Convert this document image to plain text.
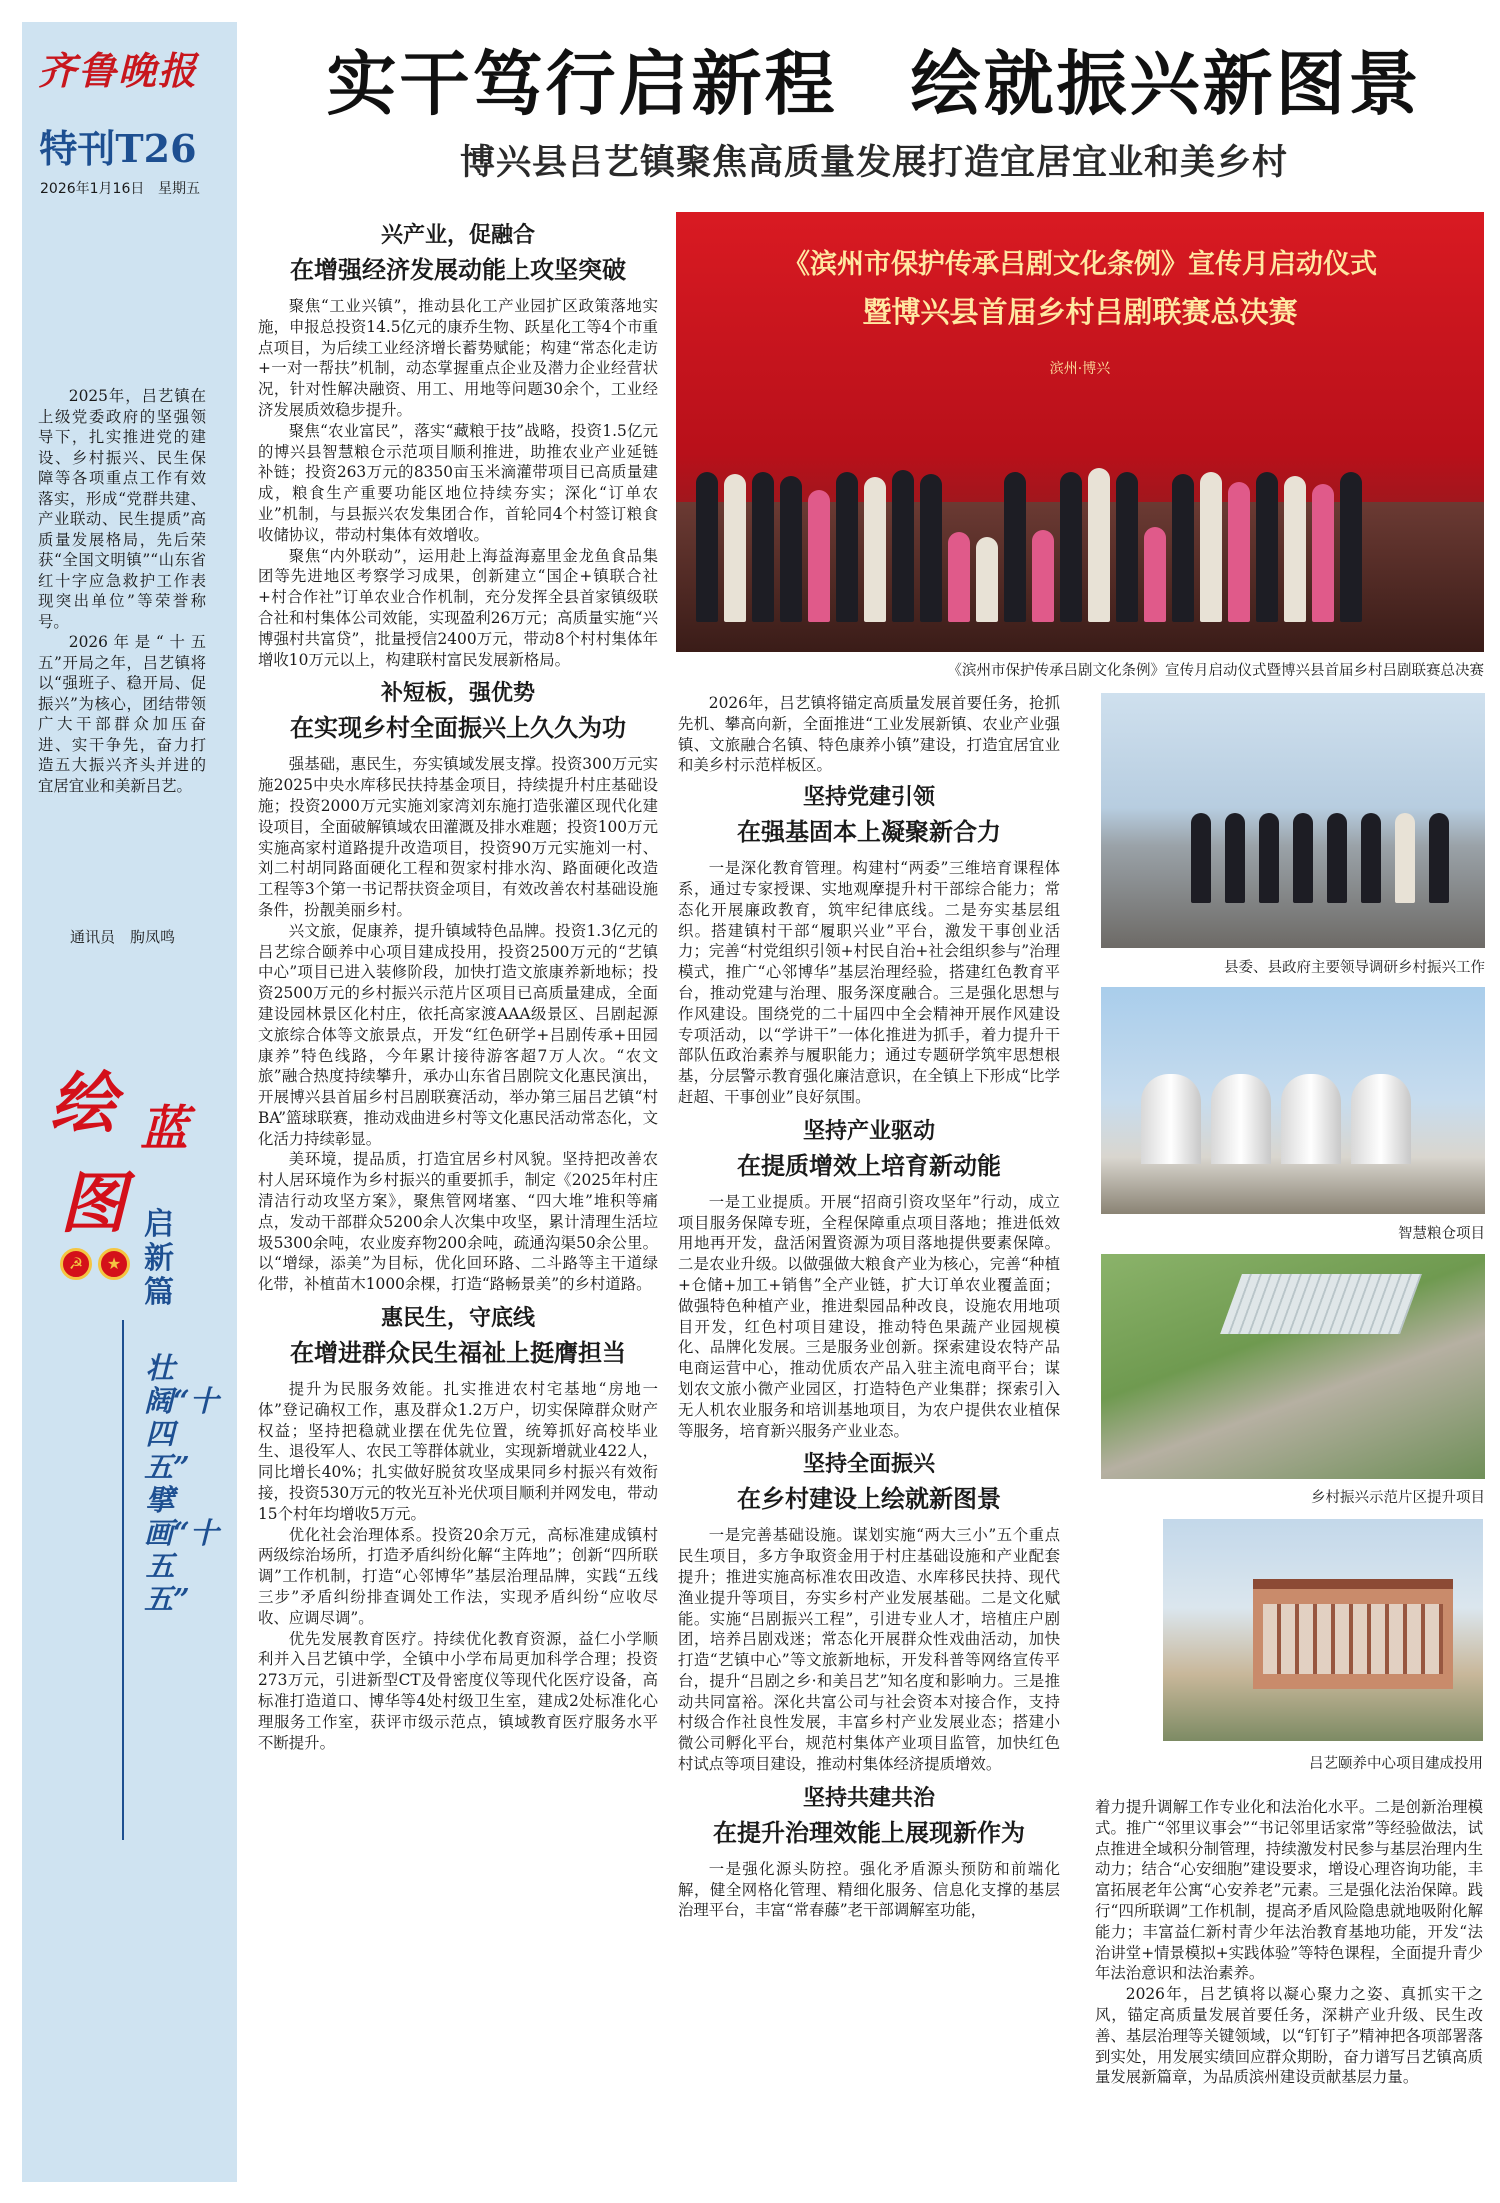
齐鲁晚报
特刊T26
2026年1月16日 星期五

2025年，吕艺镇在上级党委政府的坚强领导下，扎实推进党的建设、乡村振兴、民生保障等各项重点工作有效落实，形成“党群共建、产业联动、民生提质”高质量发展格局，先后荣获“全国文明镇”“山东省红十字应急救护工作表现突出单位”等荣誉称号。

2026年是“十五五”开局之年，吕艺镇将以“强班子、稳开局、促振兴”为核心，团结带领广大干部群众加压奋进、实干争先，奋力打造五大振兴齐头并进的宜居宜业和美新吕艺。

通讯员　朐凤鸣
绘 蓝
图
☭	★
启新篇
壮阔“十四五”　擘画“十五五”
实干笃行启新程　绘就振兴新图景
博兴县吕艺镇聚焦高质量发展打造宜居宜业和美乡村
兴产业，促融合
在增强经济发展动能上攻坚突破

聚焦“工业兴镇”，推动县化工产业园扩区政策落地实施，申报总投资14.5亿元的康乔生物、跃星化工等4个市重点项目，为后续工业经济增长蓄势赋能；构建“常态化走访+一对一帮扶”机制，动态掌握重点企业及潜力企业经营状况，针对性解决融资、用工、用地等问题30余个，工业经济发展质效稳步提升。

聚焦“农业富民”，落实“藏粮于技”战略，投资1.5亿元的博兴县智慧粮仓示范项目顺利推进，助推农业产业延链补链；投资263万元的8350亩玉米滴灌带项目已高质量建成，粮食生产重要功能区地位持续夯实；深化“订单农业”机制，与县振兴农发集团合作，首轮同4个村签订粮食收储协议，带动村集体有效增收。

聚焦“内外联动”，运用赴上海益海嘉里金龙鱼食品集团等先进地区考察学习成果，创新建立“国企+镇联合社+村合作社”订单农业合作机制，充分发挥全县首家镇级联合社和村集体公司效能，实现盈利26万元；高质量实施“兴博强村共富贷”，批量授信2400万元，带动8个村村集体年增收10万元以上，构建联村富民发展新格局。

补短板，强优势
在实现乡村全面振兴上久久为功

强基础，惠民生，夯实镇域发展支撑。投资300万元实施2025中央水库移民扶持基金项目，持续提升村庄基础设施；投资2000万元实施刘家湾刘东施打造张灌区现代化建设项目，全面破解镇域农田灌溉及排水难题；投资100万元实施高家村道路提升改造项目，投资90万元实施刘一村、刘二村胡同路面硬化工程和贺家村排水沟、路面硬化改造工程等3个第一书记帮扶资金项目，有效改善农村基础设施条件，扮靓美丽乡村。

兴文旅，促康养，提升镇域特色品牌。投资1.3亿元的吕艺综合颐养中心项目建成投用，投资2500万元的“艺镇中心”项目已进入装修阶段，加快打造文旅康养新地标；投资2500万元的乡村振兴示范片区项目已高质量建成，全面建设园林景区化村庄，依托高家渡AAA级景区、吕剧起源文旅综合体等文旅景点，开发“红色研学+吕剧传承+田园康养”特色线路，今年累计接待游客超7万人次。“农文旅”融合热度持续攀升，承办山东省吕剧院文化惠民演出，开展博兴县首届乡村吕剧联赛活动，举办第三届吕艺镇“村BA”篮球联赛，推动戏曲进乡村等文化惠民活动常态化，文化活力持续彰显。

美环境，提品质，打造宜居乡村风貌。坚持把改善农村人居环境作为乡村振兴的重要抓手，制定《2025年村庄清洁行动攻坚方案》，聚焦管网堵塞、“四大堆”堆积等痛点，发动干部群众5200余人次集中攻坚，累计清理生活垃圾5300余吨，农业废弃物200余吨，疏通沟渠50余公里。以“增绿，添美”为目标，优化回环路、二斗路等主干道绿化带，补植苗木1000余棵，打造“路畅景美”的乡村道路。

惠民生，守底线
在增进群众民生福祉上挺膺担当

提升为民服务效能。扎实推进农村宅基地“房地一体”登记确权工作，惠及群众1.2万户，切实保障群众财产权益；坚持把稳就业摆在优先位置，统筹抓好高校毕业生、退役军人、农民工等群体就业，实现新增就业422人，同比增长40%；扎实做好脱贫攻坚成果同乡村振兴有效衔接，投资530万元的牧光互补光伏项目顺利并网发电，带动15个村年均增收5万元。

优化社会治理体系。投资20余万元，高标准建成镇村两级综治场所，打造矛盾纠纷化解“主阵地”；创新“四所联调”工作机制，打造“心邻博华”基层治理品牌，实践“五线三步”矛盾纠纷排查调处工作法，实现矛盾纠纷“应收尽收、应调尽调”。

优先发展教育医疗。持续优化教育资源，益仁小学顺利并入吕艺镇中学，全镇中小学布局更加科学合理；投资273万元，引进新型CT及骨密度仪等现代化医疗设备，高标准打造道口、博华等4处村级卫生室，建成2处标准化心理服务工作室，获评市级示范点，镇域教育医疗服务水平不断提升。

《滨州市保护传承吕剧文化条例》宣传月启动仪式
暨博兴县首届乡村吕剧联赛总决赛
滨州·博兴
《滨州市保护传承吕剧文化条例》宣传月启动仪式暨博兴县首届乡村吕剧联赛总决赛

2026年，吕艺镇将锚定高质量发展首要任务，抢抓先机、攀高向新，全面推进“工业发展新镇、农业产业强镇、文旅融合名镇、特色康养小镇”建设，打造宜居宜业和美乡村示范样板区。

坚持党建引领
在强基固本上凝聚新合力

一是深化教育管理。构建村“两委”三维培育课程体系，通过专家授课、实地观摩提升村干部综合能力；常态化开展廉政教育，筑牢纪律底线。二是夯实基层组织。搭建镇村干部“履职兴业”平台，激发干事创业活力；完善“村党组织引领+村民自治+社会组织参与”治理模式，推广“心邻博华”基层治理经验，搭建红色教育平台，推动党建与治理、服务深度融合。三是强化思想与作风建设。围绕党的二十届四中全会精神开展作风建设专项活动，以“学讲干”一体化推进为抓手，着力提升干部队伍政治素养与履职能力；通过专题研学筑牢思想根基，分层警示教育强化廉洁意识，在全镇上下形成“比学赶超、干事创业”良好氛围。

坚持产业驱动
在提质增效上培育新动能

一是工业提质。开展“招商引资攻坚年”行动，成立项目服务保障专班，全程保障重点项目落地；推进低效用地再开发，盘活闲置资源为项目落地提供要素保障。二是农业升级。以做强做大粮食产业为核心，完善“种植+仓储+加工+销售”全产业链，扩大订单农业覆盖面；做强特色种植产业，推进梨园品种改良，设施农用地项目开发，红色村项目建设，推动特色果蔬产业园规模化、品牌化发展。三是服务业创新。探索建设农特产品电商运营中心，推动优质农产品入驻主流电商平台；谋划农文旅小微产业园区，打造特色产业集群；探索引入无人机农业服务和培训基地项目，为农户提供农业植保等服务，培育新兴服务产业业态。

坚持全面振兴
在乡村建设上绘就新图景

一是完善基础设施。谋划实施“两大三小”五个重点民生项目，多方争取资金用于村庄基础设施和产业配套提升；推进实施高标准农田改造、水库移民扶持、现代渔业提升等项目，夯实乡村产业发展基础。二是文化赋能。实施“吕剧振兴工程”，引进专业人才，培植庄户剧团，培养吕剧戏迷；常态化开展群众性戏曲活动，加快打造“艺镇中心”等文旅新地标，开发科普等网络宣传平台，提升“吕剧之乡·和美吕艺”知名度和影响力。三是推动共同富裕。深化共富公司与社会资本对接合作，支持村级合作社良性发展，丰富乡村产业发展业态；搭建小微公司孵化平台，规范村集体产业项目监管，加快红色村试点等项目建设，推动村集体经济提质增效。

坚持共建共治
在提升治理效能上展现新作为

一是强化源头防控。强化矛盾源头预防和前端化解，健全网格化管理、精细化服务、信息化支撑的基层治理平台，丰富“常春藤”老干部调解室功能，

县委、县政府主要领导调研乡村振兴工作
智慧粮仓项目
乡村振兴示范片区提升项目
吕艺颐养中心项目建成投用

着力提升调解工作专业化和法治化水平。二是创新治理模式。推广“邻里议事会”“书记邻里话家常”等经验做法，试点推进全域积分制管理，持续激发村民参与基层治理内生动力；结合“心安细胞”建设要求，增设心理咨询功能，丰富拓展老年公寓“心安养老”元素。三是强化法治保障。践行“四所联调”工作机制，提高矛盾风险隐患就地吸附化解能力；丰富益仁新村青少年法治教育基地功能，开发“法治讲堂+情景模拟+实践体验”等特色课程，全面提升青少年法治意识和法治素养。

2026年，吕艺镇将以凝心聚力之姿、真抓实干之风，锚定高质量发展首要任务，深耕产业升级、民生改善、基层治理等关键领域，以“钉钉子”精神把各项部署落到实处，用发展实绩回应群众期盼，奋力谱写吕艺镇高质量发展新篇章，为品质滨州建设贡献基层力量。
